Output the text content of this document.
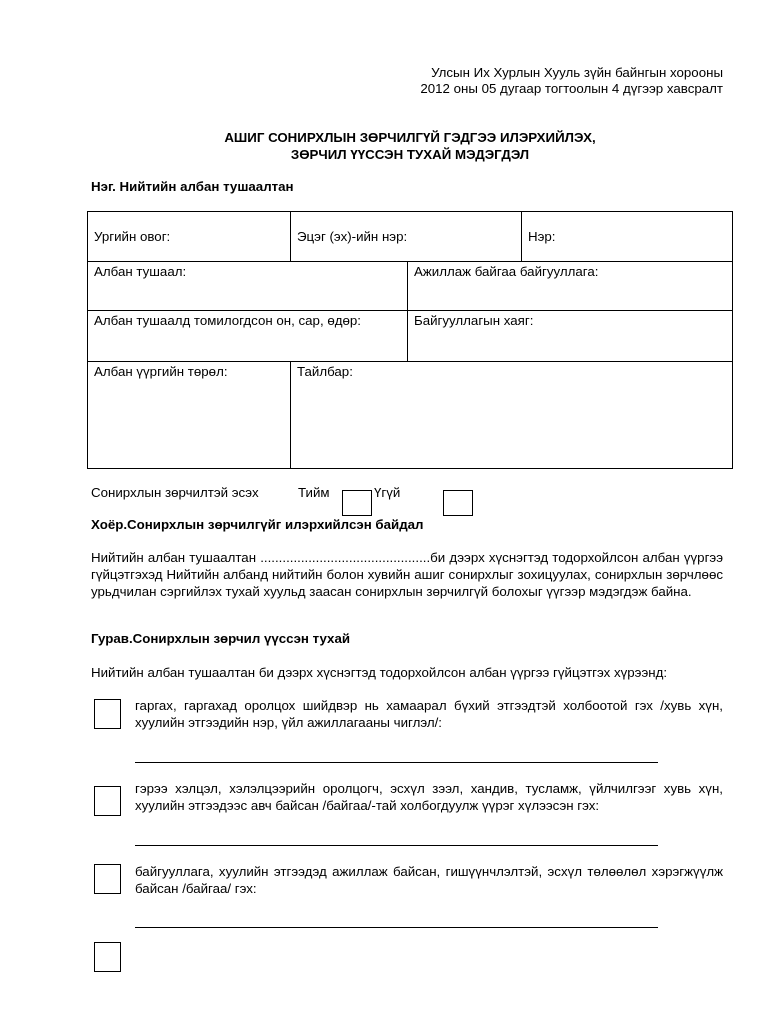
Улсын Их Хурлын Хууль зүйн байнгын хорооны
2012 оны 05 дугаар тогтоолын 4 дүгээр хавсралт
АШИГ СОНИРХЛЫН ЗӨРЧИЛГҮЙ ГЭДГЭЭ ИЛЭРХИЙЛЭХ,
ЗӨРЧИЛ ҮҮССЭН ТУХАЙ МЭДЭГДЭЛ
Нэг. Нийтийн албан тушаалтан
Ургийн овог:	Эцэг (эх)-ийн нэр:		Нэр:
Албан тушаал:		Ажиллаж байгаа байгууллага:	
Албан тушаалд томилогдсон он, сар, өдөр:		Байгууллагын хаяг:	
Албан үүргийн төрөл:	Тайлбар:		
Сонирхлын зөрчилтэй эсэх	Тийм	Үгүй
Хоёр.Сонирхлын зөрчилгүйг илэрхийлсэн байдал
Нийтийн албан тушаалтан ..............................................би дээрх хүснэгтэд тодорхойлсон албан үүргээ гүйцэтгэхэд Нийтийн албанд нийтийн болон хувийн ашиг сонирхлыг зохицуулах, сонирхлын зөрчлөөс урьдчилан сэргийлэх тухай хуульд заасан сонирхлын зөрчилгүй болохыг үүгээр мэдэгдэж байна.
Гурав.Сонирхлын зөрчил үүссэн тухай
Нийтийн албан тушаалтан би дээрх хүснэгтэд тодорхойлсон албан үүргээ гүйцэтгэх хүрээнд:
гаргах, гаргахад оролцох шийдвэр нь хамаарал бүхий этгээдтэй холбоотой гэх /хувь хүн, хуулийн этгээдийн нэр, үйл ажиллагааны чиглэл/:
гэрээ хэлцэл, хэлэлцээрийн оролцогч, эсхүл зээл, хандив, тусламж, үйлчилгээг хувь хүн, хуулийн этгээдээс авч байсан /байгаа/-тай холбогдуулж үүрэг хүлээсэн гэх:
байгууллага, хуулийн этгээдэд ажиллаж байсан, гишүүнчлэлтэй, эсхүл төлөөлөл хэрэгжүүлж байсан /байгаа/ гэх:
